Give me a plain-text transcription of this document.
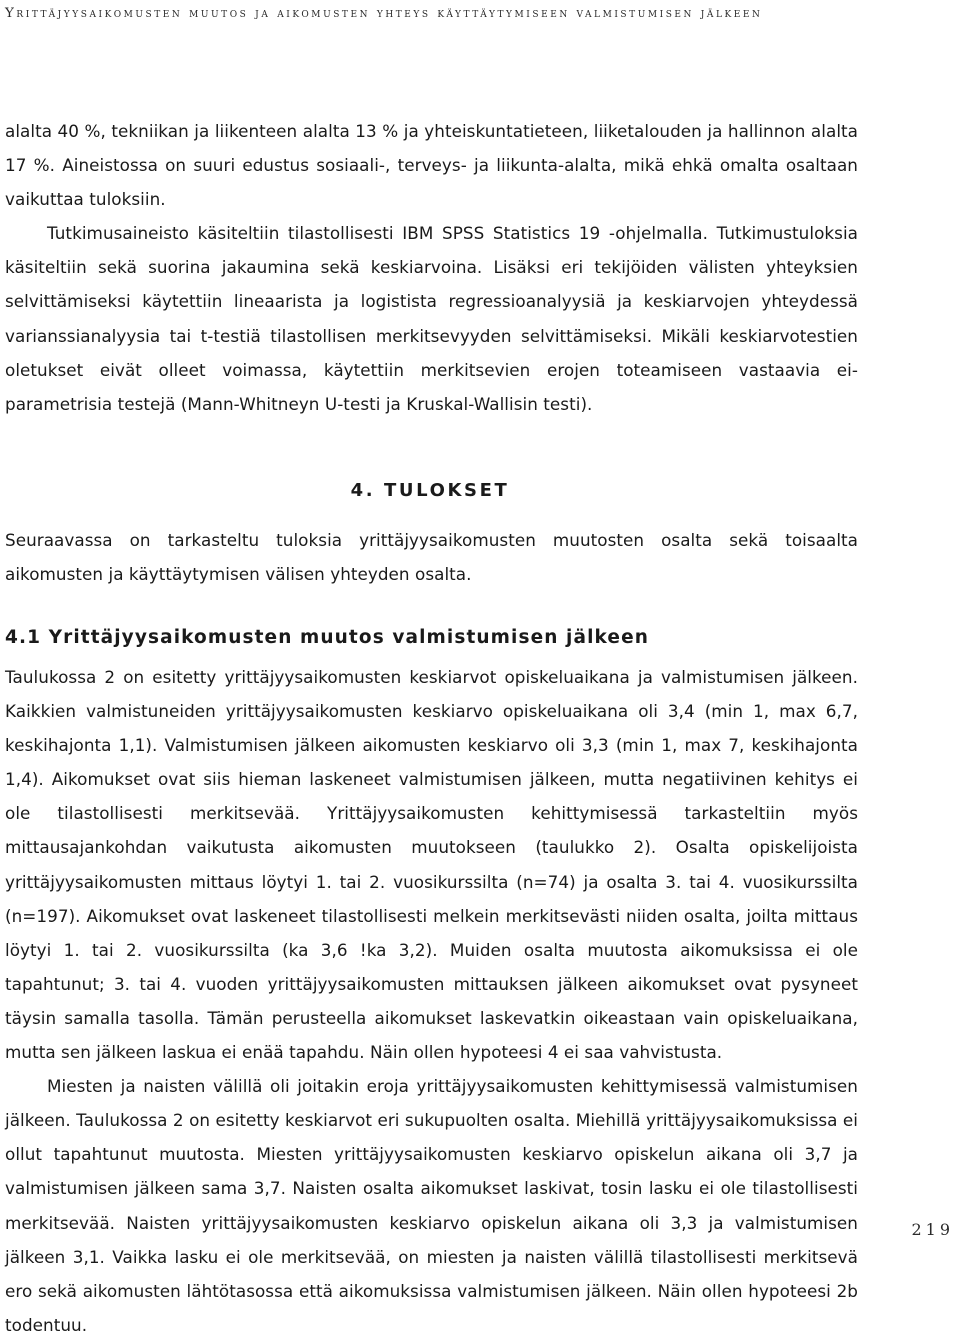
Yrittäjyysaikomusten muutos ja aikomusten yhteys käyttäytymiseen valmistumisen jälkeen

alalta 40 %, tekniikan ja liikenteen alalta 13 % ja yhteiskuntatieteen, liiketalouden ja hallinnon alalta 17 %. Aineistossa on suuri edustus sosiaali-, terveys- ja liikunta-alalta, mikä ehkä omalta osaltaan vaikuttaa tuloksiin.

Tutkimusaineisto käsiteltiin tilastollisesti IBM SPSS Statistics 19 -ohjelmalla. Tutkimustuloksia käsiteltiin sekä suorina jakaumina sekä keskiarvoina. Lisäksi eri tekijöiden välisten yhteyksien selvittämiseksi käytettiin lineaarista ja logistista regressioanalyysiä ja keskiarvojen yhteydessä varianssianalyysia tai t-testiä tilastollisen merkitsevyyden selvittämiseksi. Mikäli keskiarvotestien oletukset eivät olleet voimassa, käytettiin merkitsevien erojen toteamiseen vastaavia ei-parametrisia testejä (Mann-Whitneyn U-testi ja Kruskal-Wallisin testi).

4. TULOKSET

Seuraavassa on tarkasteltu tuloksia yrittäjyysaikomusten muutosten osalta sekä toisaalta aikomusten ja käyttäytymisen välisen yhteyden osalta.

4.1 Yrittäjyysaikomusten muutos valmistumisen jälkeen

Taulukossa 2 on esitetty yrittäjyysaikomusten keskiarvot opiskeluaikana ja valmistumisen jälkeen. Kaikkien valmistuneiden yrittäjyysaikomusten keskiarvo opiskeluaikana oli 3,4 (min 1, max 6,7, keskihajonta 1,1). Valmistumisen jälkeen aikomusten keskiarvo oli 3,3 (min 1, max 7, keskihajonta 1,4). Aikomukset ovat siis hieman laskeneet valmistumisen jälkeen, mutta negatiivinen kehitys ei ole tilastollisesti merkitsevää. Yrittäjyysaikomusten kehittymisessä tarkasteltiin myös mittausajankohdan vaikutusta aikomusten muutokseen (taulukko 2). Osalta opiskelijoista yrittäjyysaikomusten mittaus löytyi 1. tai 2. vuosikurssilta (n=74) ja osalta 3. tai 4. vuosikurssilta (n=197). Aikomukset ovat laskeneet tilastollisesti melkein merkitsevästi niiden osalta, joilta mittaus löytyi 1. tai 2. vuosikurssilta (ka 3,6 !ka 3,2). Muiden osalta muutosta aikomuksissa ei ole tapahtunut; 3. tai 4. vuoden yrittäjyysaikomusten mittauksen jälkeen aikomukset ovat pysyneet täysin samalla tasolla. Tämän perusteella aikomukset laskevatkin oikeastaan vain opiskeluaikana, mutta sen jälkeen laskua ei enää tapahdu. Näin ollen hypoteesi 4 ei saa vahvistusta.

Miesten ja naisten välillä oli joitakin eroja yrittäjyysaikomusten kehittymisessä valmistumisen jälkeen. Taulukossa 2 on esitetty keskiarvot eri sukupuolten osalta. Miehillä yrittäjyysaikomuksissa ei ollut tapahtunut muutosta. Miesten yrittäjyysaikomusten keskiarvo opiskelun aikana oli 3,7 ja valmistumisen jälkeen sama 3,7. Naisten osalta aikomukset laskivat, tosin lasku ei ole tilastollisesti merkitsevää. Naisten yrittäjyysaikomusten keskiarvo opiskelun aikana oli 3,3 ja valmistumisen jälkeen 3,1. Vaikka lasku ei ole merkitsevää, on miesten ja naisten välillä tilastollisesti merkitsevä ero sekä aikomusten lähtötasossa että aikomuksissa valmistumisen jälkeen. Näin ollen hypoteesi 2b todentuu.

219
